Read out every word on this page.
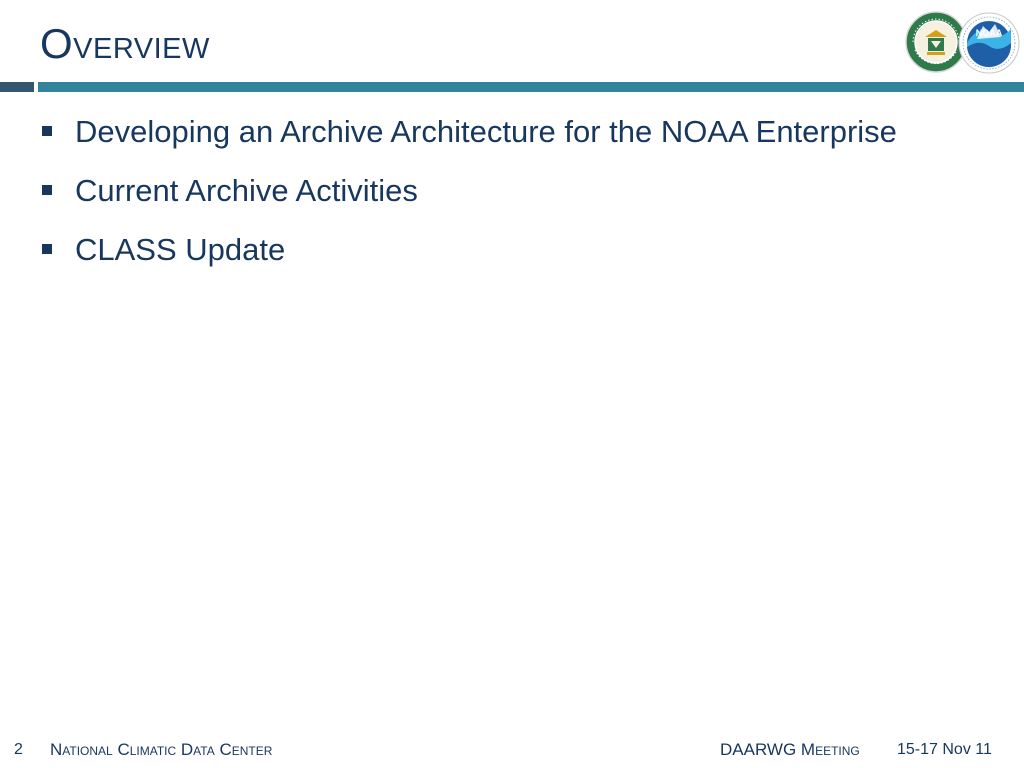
Overview	NOAA
Developing an Archive Architecture for the NOAA Enterprise
Current Archive Activities
CLASS Update
2 National Climatic Data Center	DAARWG Meeting 15-17 Nov 11
